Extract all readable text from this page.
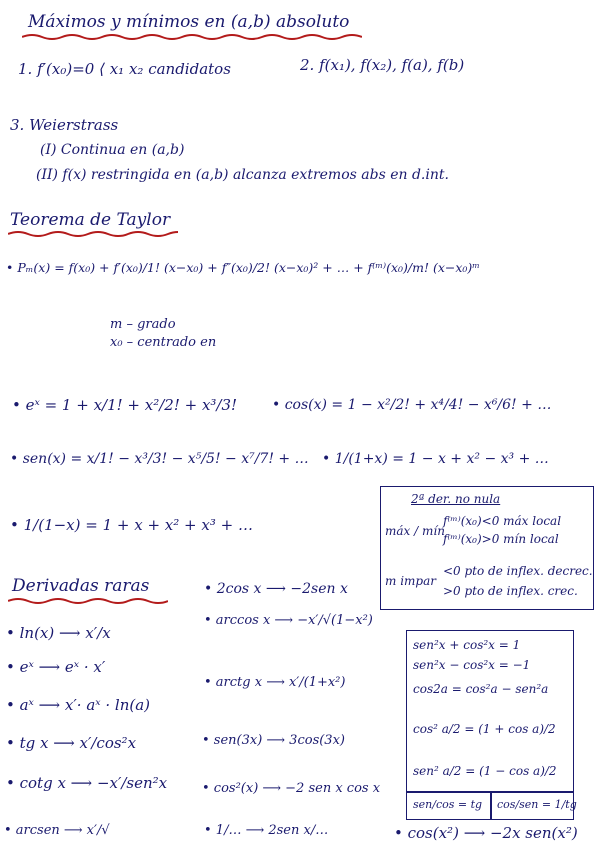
Máximos y mínimos en (a,b) absoluto
1. f′(x₀)=0 ⟨ x₁ x₂ candidatos	2. f(x₁), f(x₂), f(a), f(b)
3. Weierstrass
(I) Continua en (a,b)
(II) f(x) restringida en (a,b) alcanza extremos abs en d.int.
Teorema de Taylor
• Pₘ(x) = f(x₀) + f′(x₀)/1! (x−x₀) + f″(x₀)/2! (x−x₀)² + … + f⁽ᵐ⁾(x₀)/m! (x−x₀)ᵐ
m – grado
x₀ – centrado en
• eˣ = 1 + x/1! + x²/2! + x³/3! • cos(x) = 1 − x²/2! + x⁴/4! − x⁶/6! + …
• sen(x) = x/1! − x³/3! − x⁵/5! − x⁷/7! + … • 1/(1+x) = 1 − x + x² − x³ + …
• 1/(1−x) = 1 + x + x² + x³ + …
2ª der. no nula
máx / mín
f⁽ᵐ⁾(x₀)<0 máx local
f⁽ᵐ⁾(x₀)>0 mín local
m impar
<0 pto de inflex. decrec.
>0 pto de inflex. crec.
Derivadas raras
• ln(x) ⟶ x′/x
• eˣ ⟶ eˣ · x′
• aˣ ⟶ x′· aˣ · ln(a)
• tg x ⟶ x′/cos²x
• cotg x ⟶ −x′/sen²x
• arcsen ⟶ x′/√
• 2cos x ⟶ −2sen x
• arccos x ⟶ −x′/√(1−x²)
• arctg x ⟶ x′/(1+x²)
• sen(3x) ⟶ 3cos(3x)
• cos²(x) ⟶ −2 sen x cos x
• 1/… ⟶ 2sen x/…
sen²x + cos²x = 1
sen²x − cos²x = −1
cos2a = cos²a − sen²a
cos² a/2 = (1 + cos a)/2
sen² a/2 = (1 − cos a)/2
sen/cos = tg cos/sen = 1/tg
• cos(x²) ⟶ −2x sen(x²)
